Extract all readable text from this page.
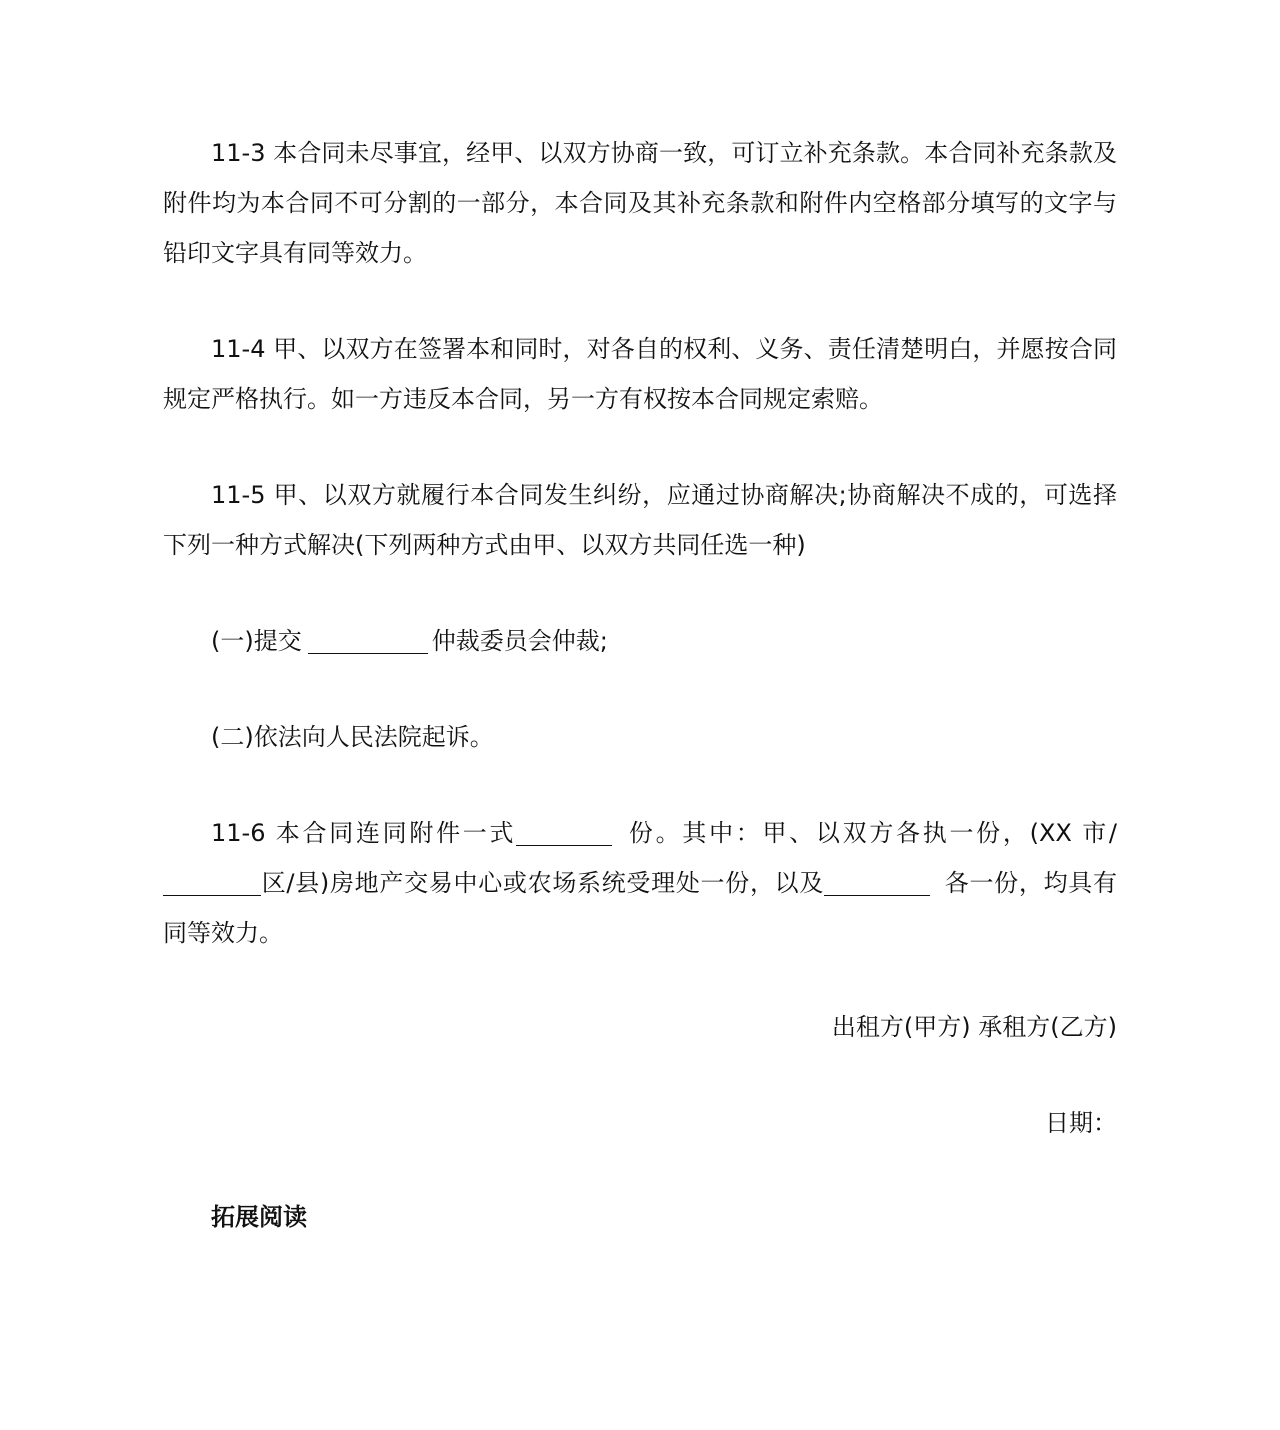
11-3 本合同未尽事宜，经甲、以双方协商一致，可订立补充条款。本合同补充条款及附件均为本合同不可分割的一部分，本合同及其补充条款和附件内空格部分填写的文字与铅印文字具有同等效力。

11-4 甲、以双方在签署本和同时，对各自的权利、义务、责任清楚明白，并愿按合同规定严格执行。如一方违反本合同，另一方有权按本合同规定索赔。

11-5 甲、以双方就履行本合同发生纠纷，应通过协商解决;协商解决不成的，可选择下列一种方式解决(下列两种方式由甲、以双方共同任选一种)

(一)提交	仲裁委员会仲裁;

(二)依法向人民法院起诉。

11-6 本合同连同附件一式	份。其中：甲、以双方各执一份，(XX 市/区/县)房地产交易中心或农场系统受理处一份，以及	各一份，均具有同等效力。

出租方(甲方) 承租方(乙方)

日期：

拓展阅读
